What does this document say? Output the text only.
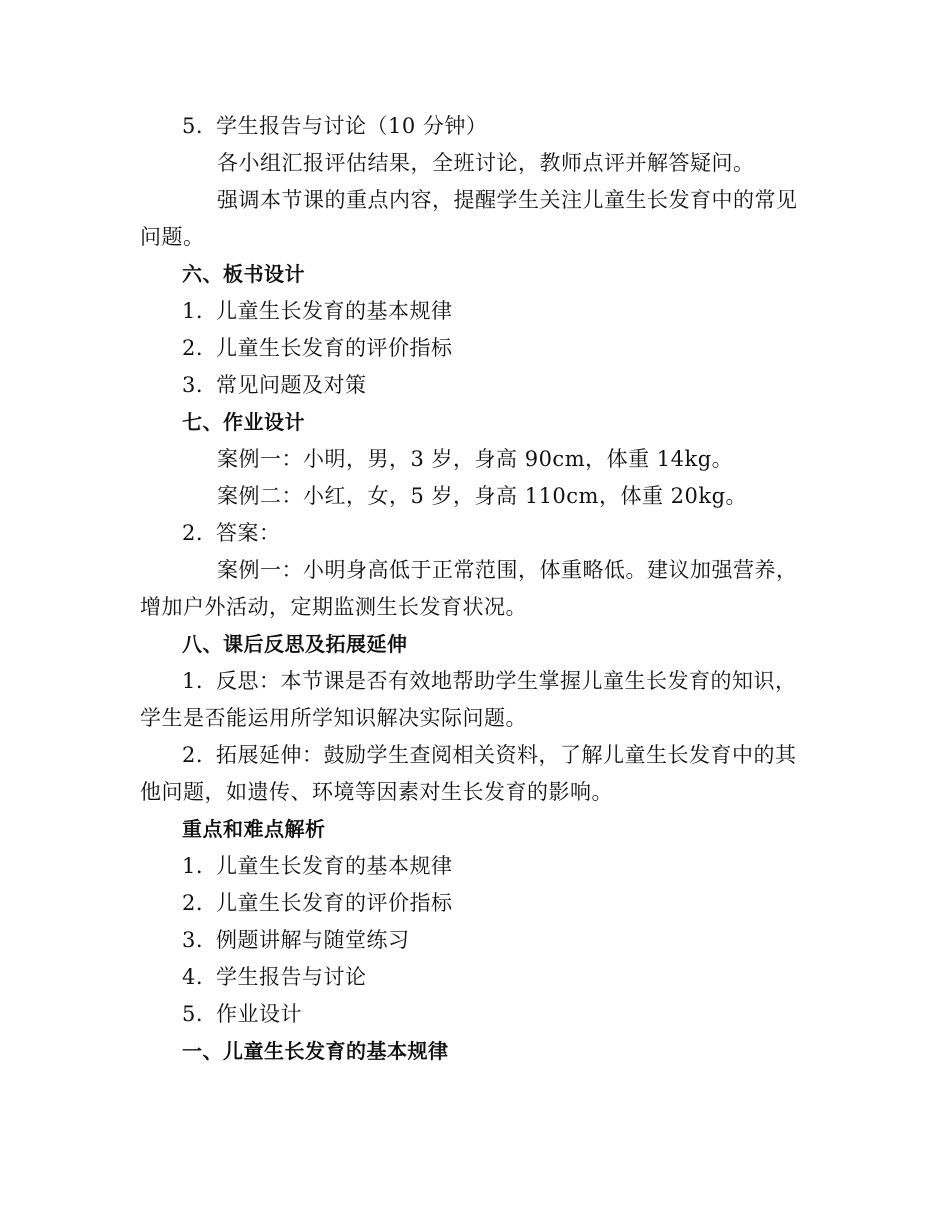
5. 学生报告与讨论（10 分钟）
各小组汇报评估结果，全班讨论，教师点评并解答疑问。
强调本节课的重点内容，提醒学生关注儿童生长发育中的常见
问题。
六、板书设计
1. 儿童生长发育的基本规律
2. 儿童生长发育的评价指标
3. 常见问题及对策
七、作业设计
案例一：小明，男，3 岁，身高 90cm，体重 14kg。
案例二：小红，女，5 岁，身高 110cm，体重 20kg。
2. 答案：
案例一：小明身高低于正常范围，体重略低。建议加强营养，
增加户外活动，定期监测生长发育状况。
八、课后反思及拓展延伸
1. 反思：本节课是否有效地帮助学生掌握儿童生长发育的知识，
学生是否能运用所学知识解决实际问题。
2. 拓展延伸：鼓励学生查阅相关资料，了解儿童生长发育中的其
他问题，如遗传、环境等因素对生长发育的影响。
重点和难点解析
1. 儿童生长发育的基本规律
2. 儿童生长发育的评价指标
3. 例题讲解与随堂练习
4. 学生报告与讨论
5. 作业设计
一、儿童生长发育的基本规律
